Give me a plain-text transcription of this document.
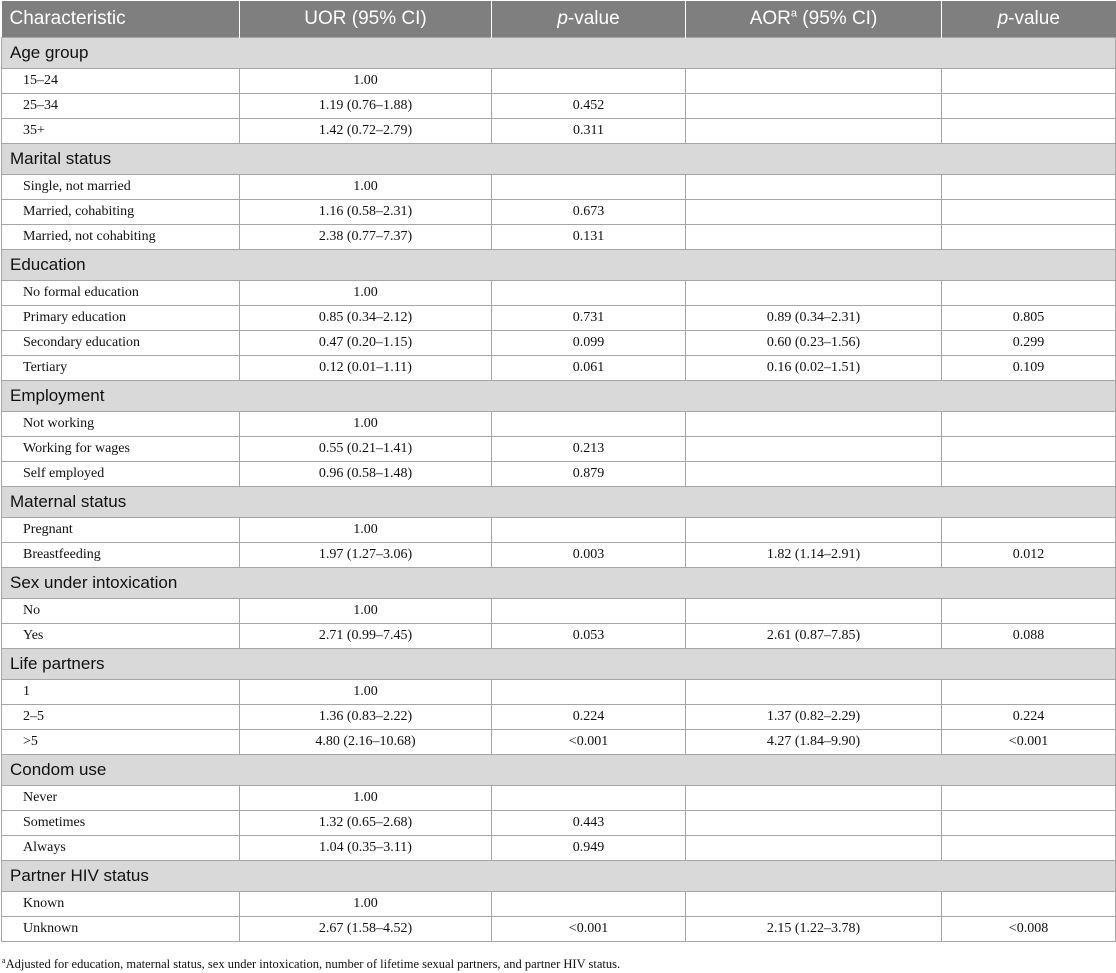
Characteristic	UOR (95% CI)	p-value	AOR$^a$ (95% CI)	p-value
Age group				
15–24	1.00			
25–34	1.19 (0.76–1.88)	0.452		
35+	1.42 (0.72–2.79)	0.311		
Marital status				
Single, not married	1.00			
Married, cohabiting	1.16 (0.58–2.31)	0.673		
Married, not cohabiting	2.38 (0.77–7.37)	0.131		
Education				
No formal education	1.00			
Primary education	0.85 (0.34–2.12)	0.731	0.89 (0.34–2.31)	0.805
Secondary education	0.47 (0.20–1.15)	0.099	0.60 (0.23–1.56)	0.299
Tertiary	0.12 (0.01–1.11)	0.061	0.16 (0.02–1.51)	0.109
Employment				
Not working	1.00			
Working for wages	0.55 (0.21–1.41)	0.213		
Self employed	0.96 (0.58–1.48)	0.879		
Maternal status				
Pregnant	1.00			
Breastfeeding	1.97 (1.27–3.06)	0.003	1.82 (1.14–2.91)	0.012
Sex under intoxication				
No	1.00			
Yes	2.71 (0.99–7.45)	0.053	2.61 (0.87–7.85)	0.088
Life partners				
1	1.00			
2–5	1.36 (0.83–2.22)	0.224	1.37 (0.82–2.29)	0.224
>5	4.80 (2.16–10.68)	<0.001	4.27 (1.84–9.90)	<0.001
Condom use				
Never	1.00			
Sometimes	1.32 (0.65–2.68)	0.443		
Always	1.04 (0.35–3.11)	0.949		
Partner HIV status				
Known	1.00			
Unknown	2.67 (1.58–4.52)	<0.001	2.15 (1.22–3.78)	<0.008
$^a$Adjusted for education, maternal status, sex under intoxication, number of lifetime sexual partners, and partner HIV status.
